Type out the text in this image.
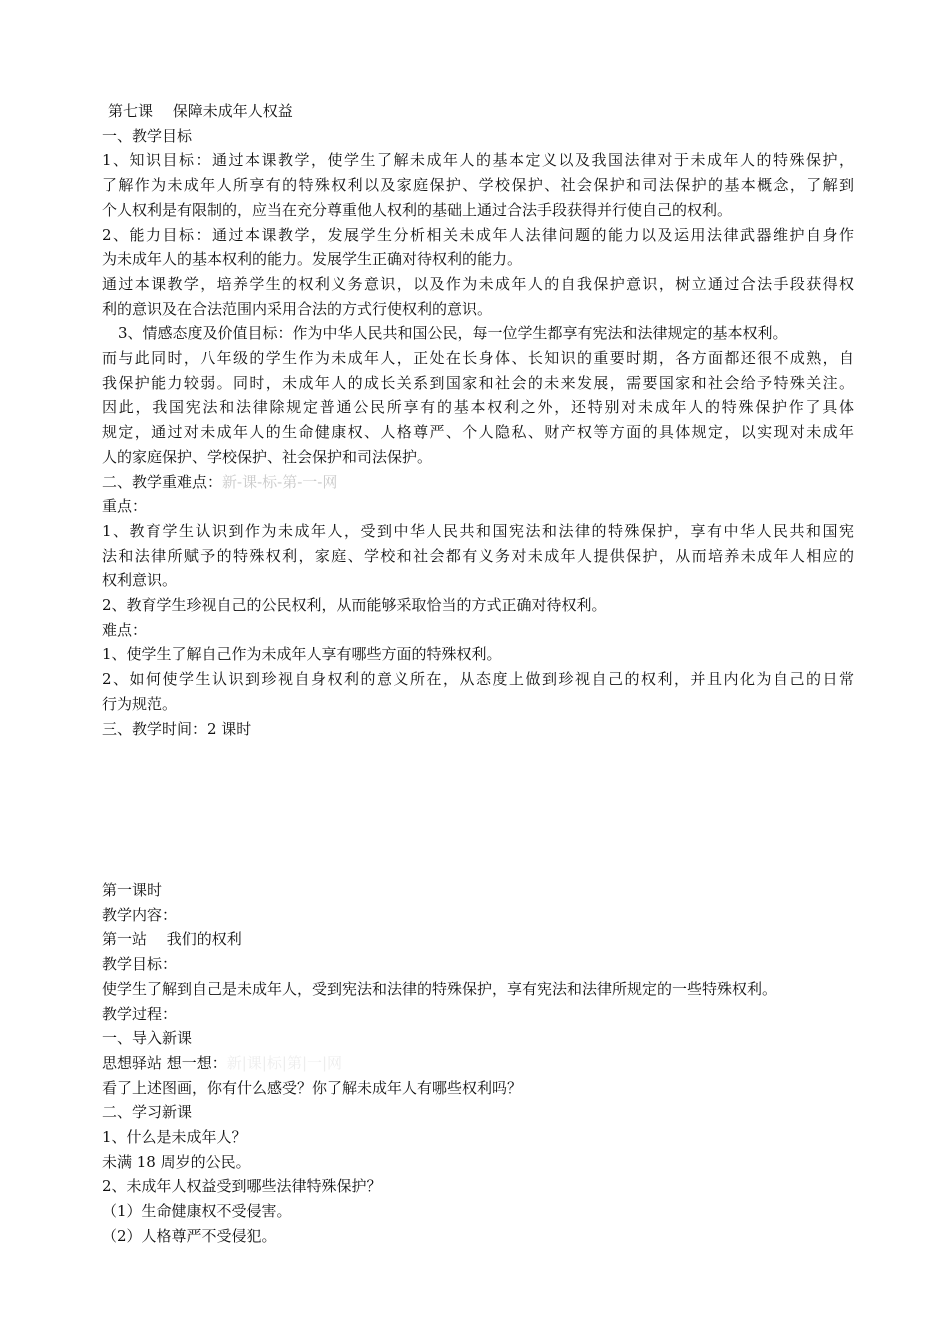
第七课　 保障未成年人权益
一、教学目标
1、知识目标：通过本课教学，使学生了解未成年人的基本定义以及我国法律对于未成年人的特殊保护，
了解作为未成年人所享有的特殊权利以及家庭保护、学校保护、社会保护和司法保护的基本概念，了解到
个人权利是有限制的，应当在充分尊重他人权利的基础上通过合法手段获得并行使自己的权利。
2、能力目标：通过本课教学，发展学生分析相关未成年人法律问题的能力以及运用法律武器维护自身作
为未成年人的基本权利的能力。发展学生正确对待权利的能力。
通过本课教学，培养学生的权利义务意识，以及作为未成年人的自我保护意识，树立通过合法手段获得权
利的意识及在合法范围内采用合法的方式行使权利的意识。
3、情感态度及价值目标：作为中华人民共和国公民，每一位学生都享有宪法和法律规定的基本权利。
而与此同时，八年级的学生作为未成年人，正处在长身体、长知识的重要时期，各方面都还很不成熟，自
我保护能力较弱。同时，未成年人的成长关系到国家和社会的未来发展，需要国家和社会给予特殊关注。
因此，我国宪法和法律除规定普通公民所享有的基本权利之外，还特别对未成年人的特殊保护作了具体
规定，通过对未成年人的生命健康权、人格尊严、个人隐私、财产权等方面的具体规定，以实现对未成年
人的家庭保护、学校保护、社会保护和司法保护。
二、教学重难点：新-课-标-第-一-网
重点：
1、教育学生认识到作为未成年人，受到中华人民共和国宪法和法律的特殊保护，享有中华人民共和国宪
法和法律所赋予的特殊权利，家庭、学校和社会都有义务对未成年人提供保护，从而培养未成年人相应的
权利意识。
2、教育学生珍视自己的公民权利，从而能够采取恰当的方式正确对待权利。
难点：
1、使学生了解自己作为未成年人享有哪些方面的特殊权利。
2、如何使学生认识到珍视自身权利的意义所在，从态度上做到珍视自己的权利，并且内化为自己的日常
行为规范。
三、教学时间：2 课时
第一课时
教学内容：
第一站　 我们的权利
教学目标：
使学生了解到自己是未成年人，受到宪法和法律的特殊保护，享有宪法和法律所规定的一些特殊权利。
教学过程：
一、导入新课
思想驿站 想一想：新|课|标|第|一|网
看了上述图画，你有什么感受？你了解未成年人有哪些权利吗？
二、学习新课
1、什么是未成年人？
未满 18 周岁的公民。
2、未成年人权益受到哪些法律特殊保护？
（1）生命健康权不受侵害。
（2）人格尊严不受侵犯。
